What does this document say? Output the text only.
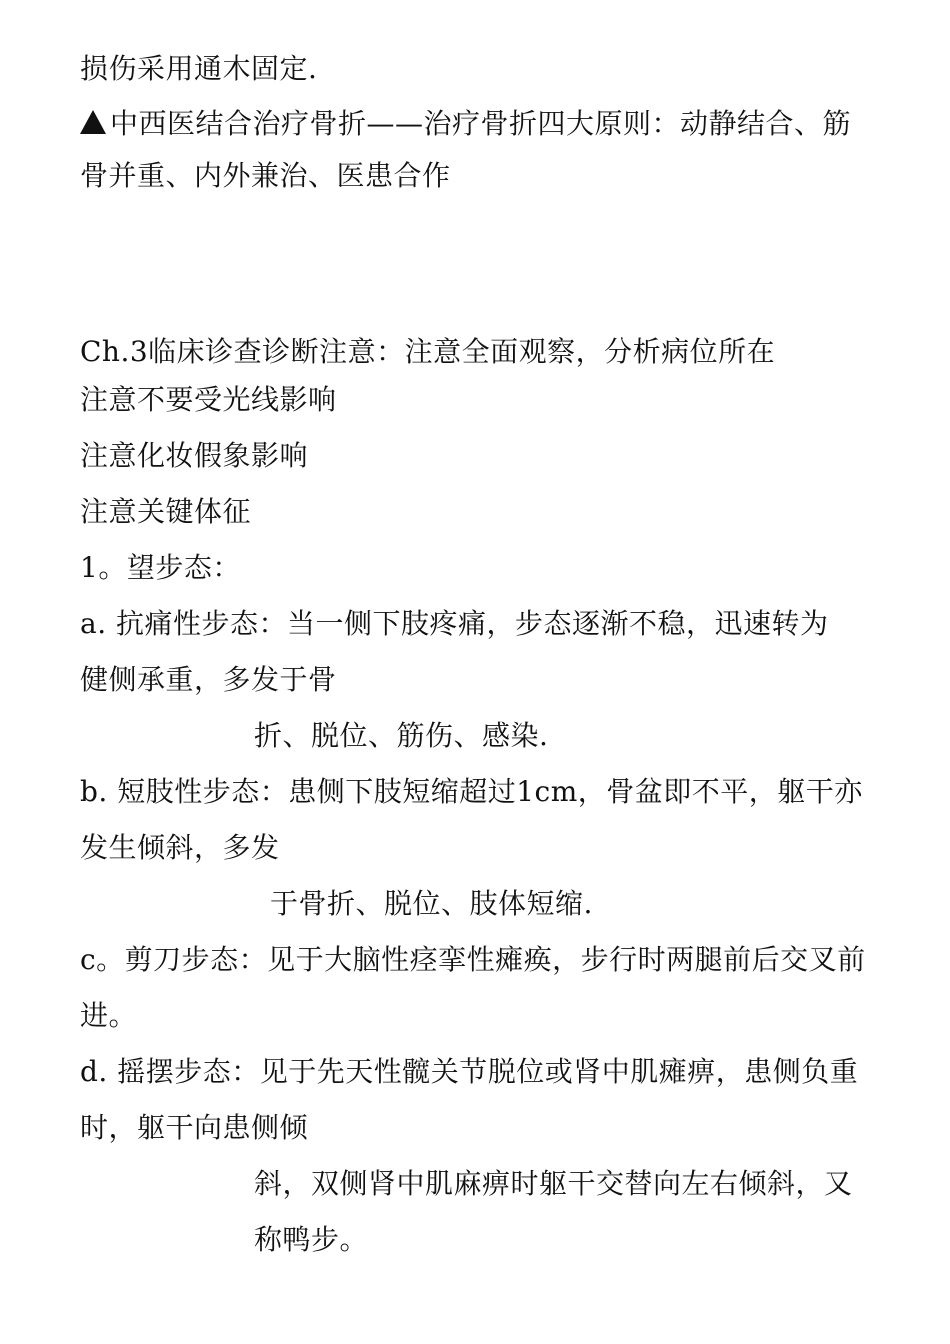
损伤采用通木固定.
中西医结合治疗骨折——治疗骨折四大原则：动静结合、筋
骨并重、内外兼治、医患合作
Ch.3临床诊查诊断注意：注意全面观察，分析病位所在
注意不要受光线影响
注意化妆假象影响
注意关键体征
1。望步态：
a. 抗痛性步态：当一侧下肢疼痛，步态逐渐不稳，迅速转为
健侧承重，多发于骨
折、脱位、筋伤、感染.
b. 短肢性步态：患侧下肢短缩超过1cm，骨盆即不平，躯干亦
发生倾斜，多发
于骨折、脱位、肢体短缩.
c。剪刀步态：见于大脑性痉挛性瘫痪，步行时两腿前后交叉前
进。
d. 摇摆步态：见于先天性髋关节脱位或肾中肌瘫痹，患侧负重
时，躯干向患侧倾
斜，双侧肾中肌麻痹时躯干交替向左右倾斜，又
称鸭步。
